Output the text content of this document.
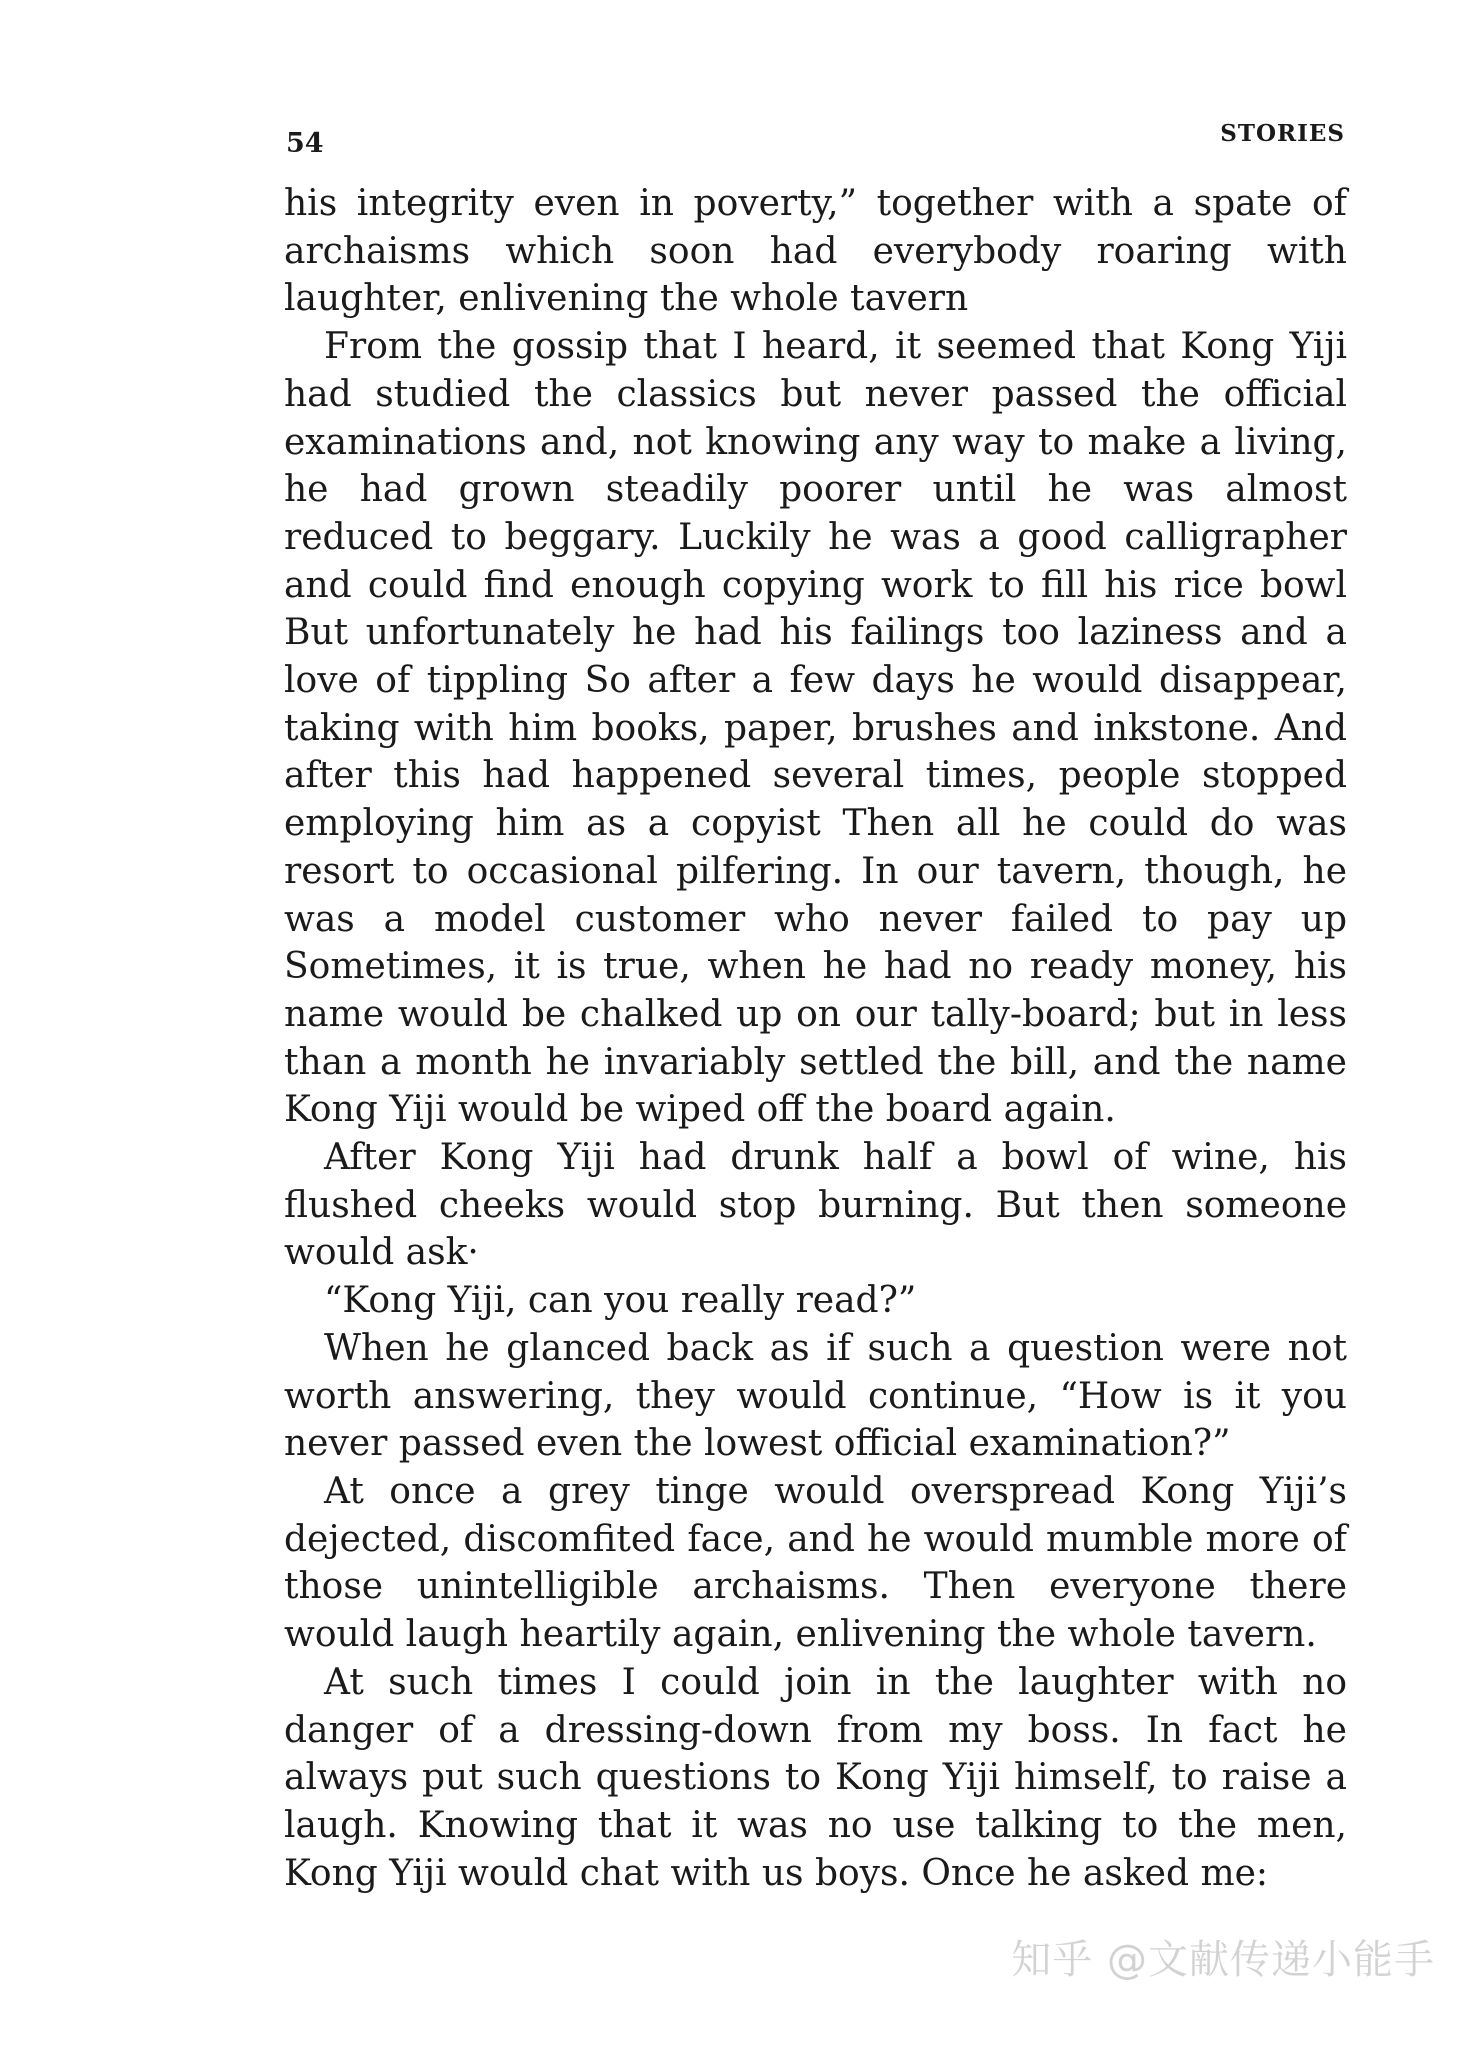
54	STORIES

his integrity even in poverty,” together with a spate of archaisms which soon had everybody roaring with laughter, enlivening the whole tavern

From the gossip that I heard, it seemed that Kong Yiji had studied the classics but never passed the official examinations and, not knowing any way to make a living, he had grown steadily poorer until he was almost reduced to beggary. Luckily he was a good calligrapher and could find enough copying work to fill his rice bowl But unfortunately he had his failings too laziness and a love of tippling So after a few days he would disappear, taking with him books, paper, brushes and inkstone. And after this had happened several times, people stopped employing him as a copyist Then all he could do was resort to occasional pilfering. In our tavern, though, he was a model customer who never failed to pay up Sometimes, it is true, when he had no ready money, his name would be chalked up on our tally-board; but in less than a month he invariably settled the bill, and the name Kong Yiji would be wiped off the board again.

After Kong Yiji had drunk half a bowl of wine, his flushed cheeks would stop burning. But then someone would ask·

“Kong Yiji, can you really read?”

When he glanced back as if such a question were not worth answering, they would continue, “How is it you never passed even the lowest official examination?”

At once a grey tinge would overspread Kong Yiji’s dejected, discomfited face, and he would mumble more of those unintelligible archaisms. Then everyone there would laugh heartily again, enlivening the whole tavern.

At such times I could join in the laughter with no danger of a dressing-down from my boss. In fact he always put such questions to Kong Yiji himself, to raise a laugh. Knowing that it was no use talking to the men, Kong Yiji would chat with us boys. Once he asked me:

知乎 @文献传递小能手
